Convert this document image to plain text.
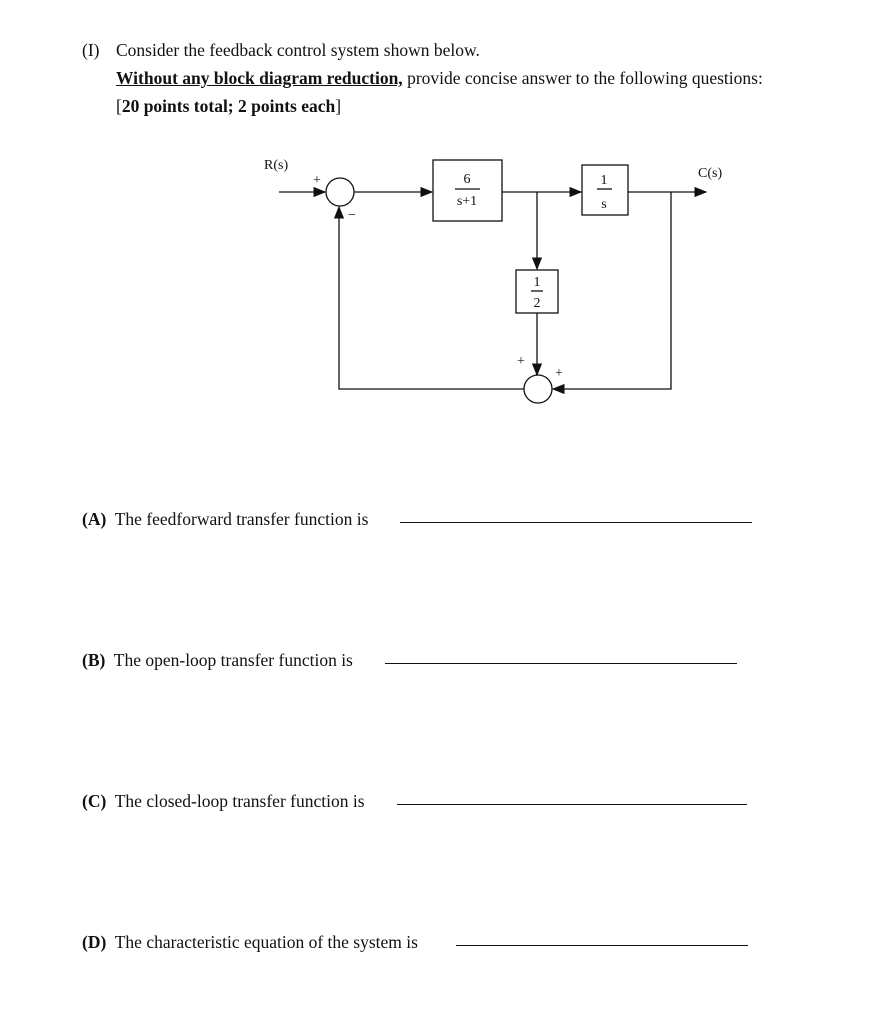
(I) Consider the feedback control system shown below.
Without any block diagram reduction, provide concise answer to the following questions:
[20 points total; 2 points each]
R(s)
C(s)
6
s+1
1
s
1
2
+
−
+
+
(A) The feedforward transfer function is
(B) The open-loop transfer function is
(C) The closed-loop transfer function is
(D) The characteristic equation of the system is
